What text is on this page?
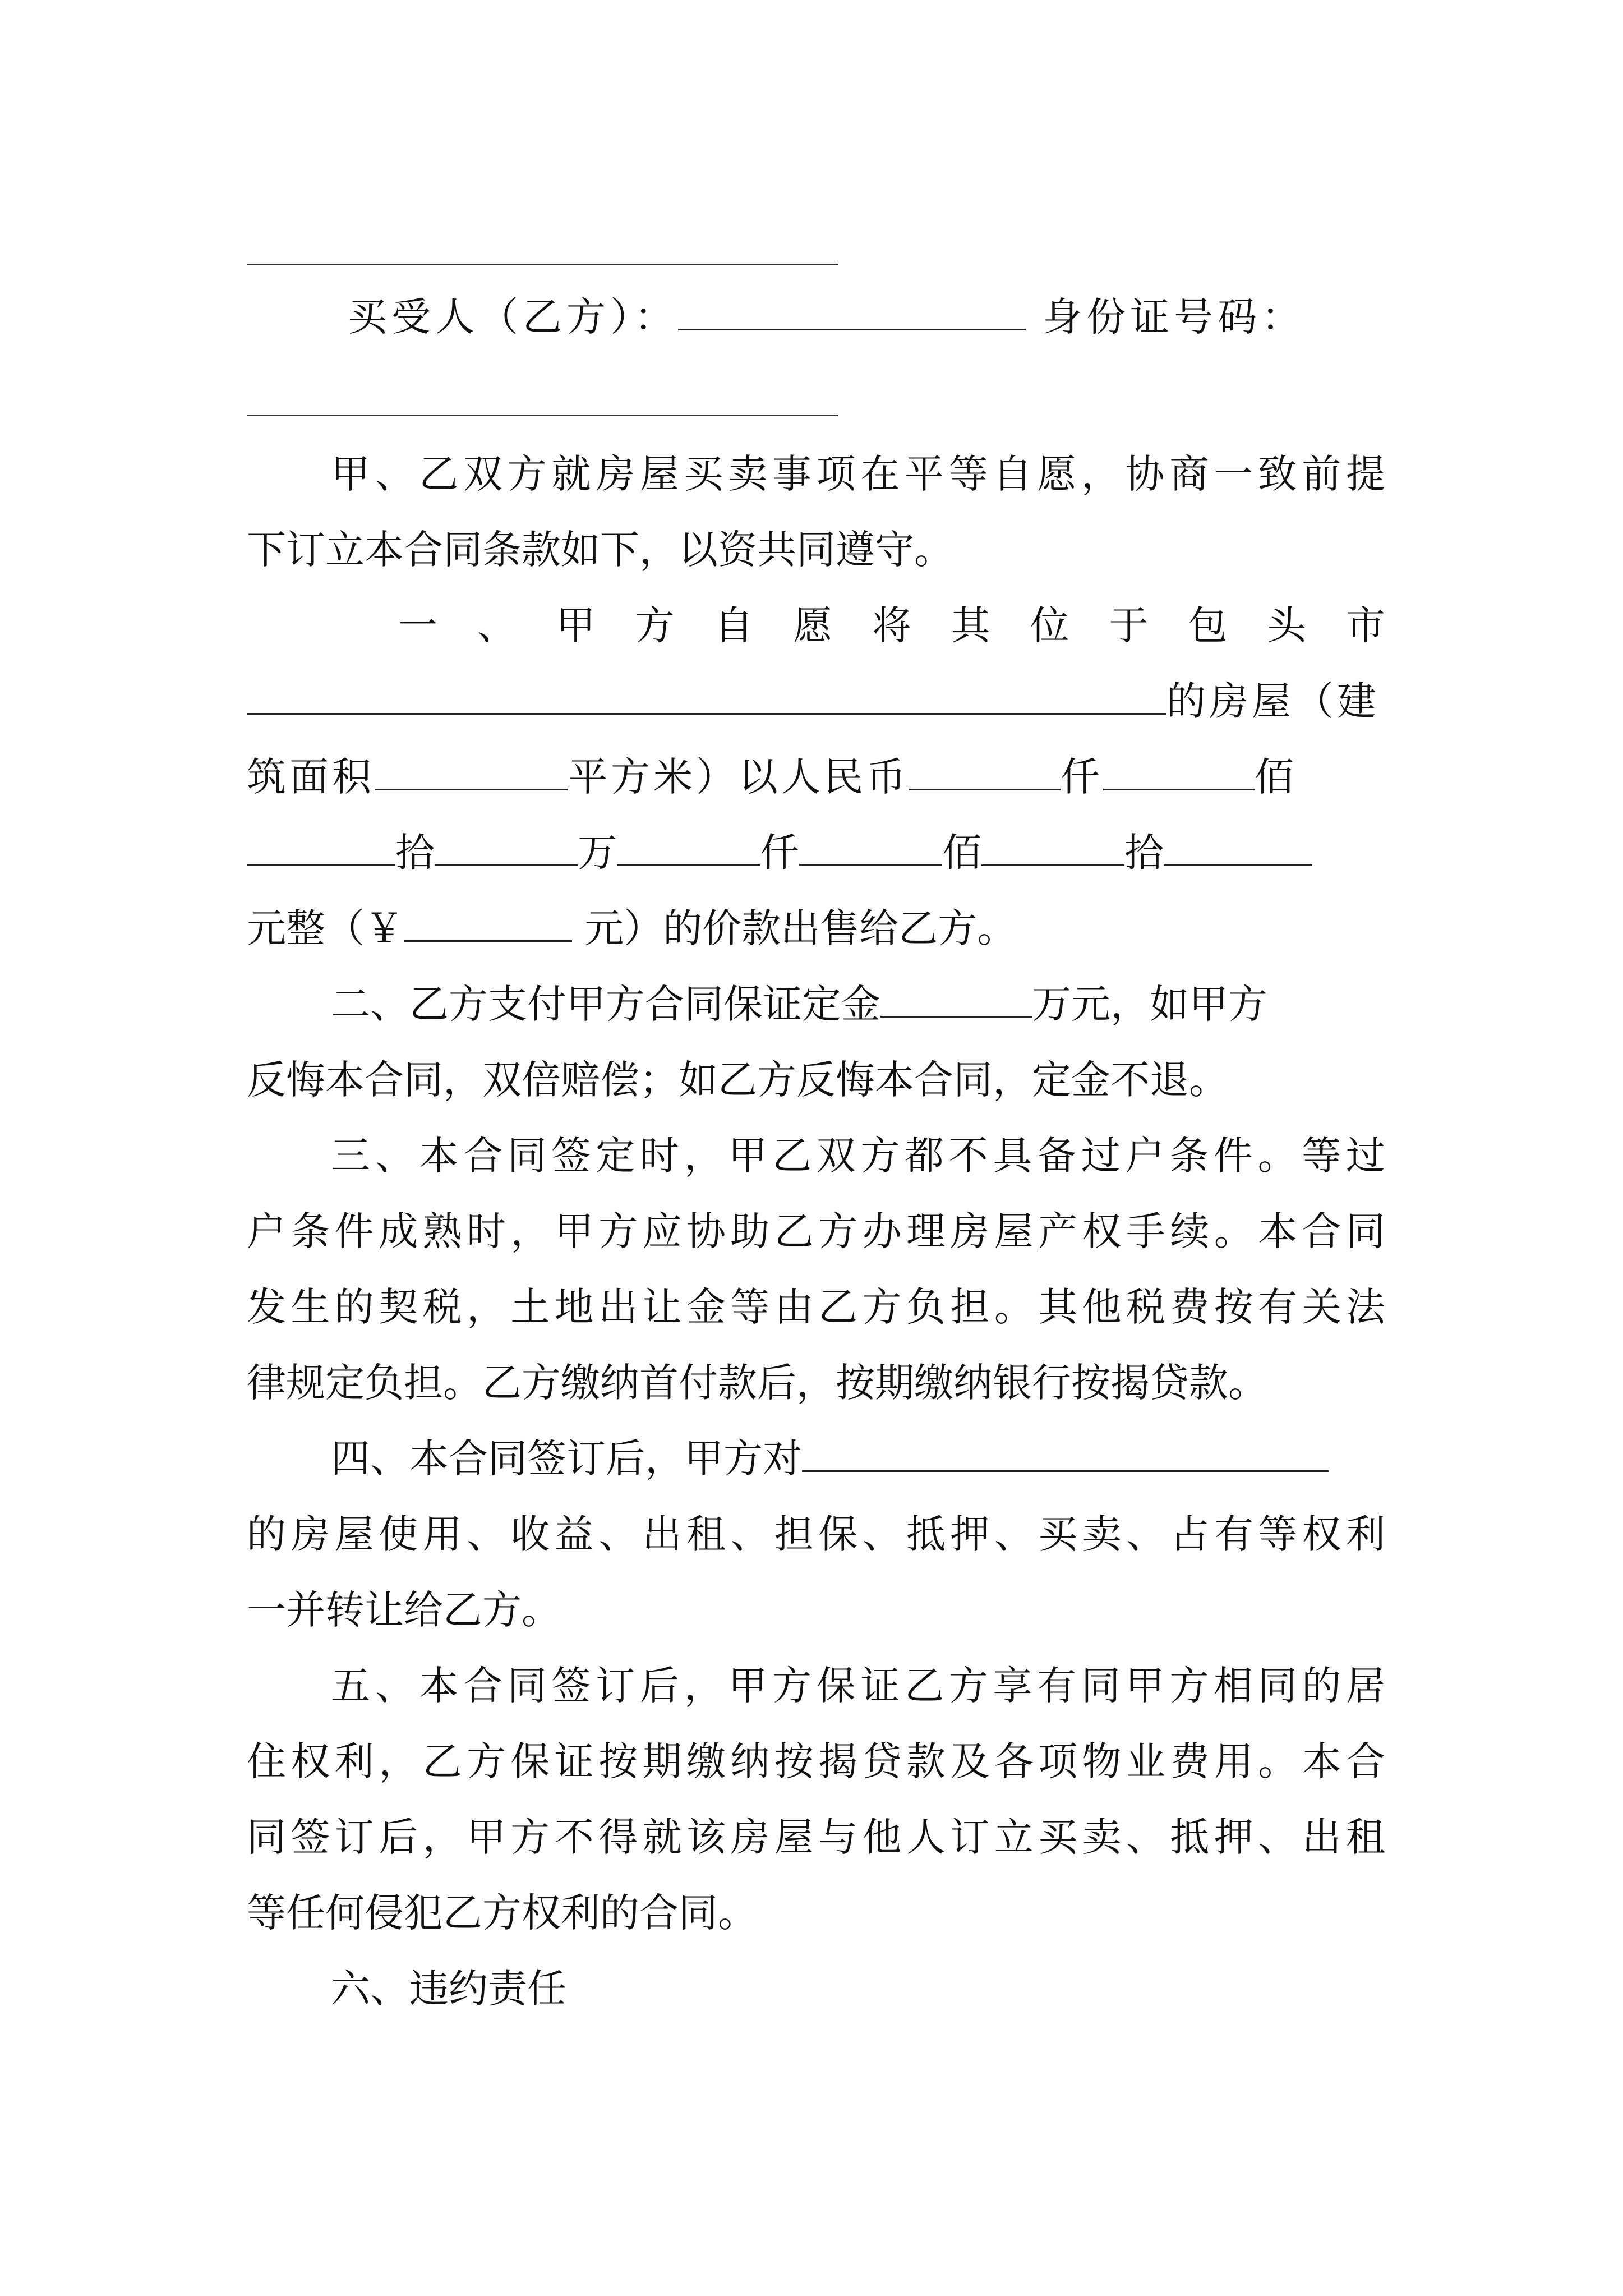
买受人（乙方）：	身份证号码：
甲、乙双方就房屋买卖事项在平等自愿，协商一致前提
下订立本合同条款如下，以资共同遵守。
一、甲方自愿将其位于包头市
的房屋（建
筑面积	平方米）以人民币	仟	佰
拾	万	仟	佰	拾
元整（￥	元）的价款出售给乙方。
二、乙方支付甲方合同保证定金	万元，如甲方
反悔本合同，双倍赔偿；如乙方反悔本合同，定金不退。
三、本合同签定时，甲乙双方都不具备过户条件。等过
户条件成熟时，甲方应协助乙方办理房屋产权手续。本合同
发生的契税，土地出让金等由乙方负担。其他税费按有关法
律规定负担。乙方缴纳首付款后，按期缴纳银行按揭贷款。
四、本合同签订后，甲方对
的房屋使用、收益、出租、担保、抵押、买卖、占有等权利
一并转让给乙方。
五、本合同签订后，甲方保证乙方享有同甲方相同的居
住权利，乙方保证按期缴纳按揭贷款及各项物业费用。本合
同签订后，甲方不得就该房屋与他人订立买卖、抵押、出租
等任何侵犯乙方权利的合同。
六、违约责任
